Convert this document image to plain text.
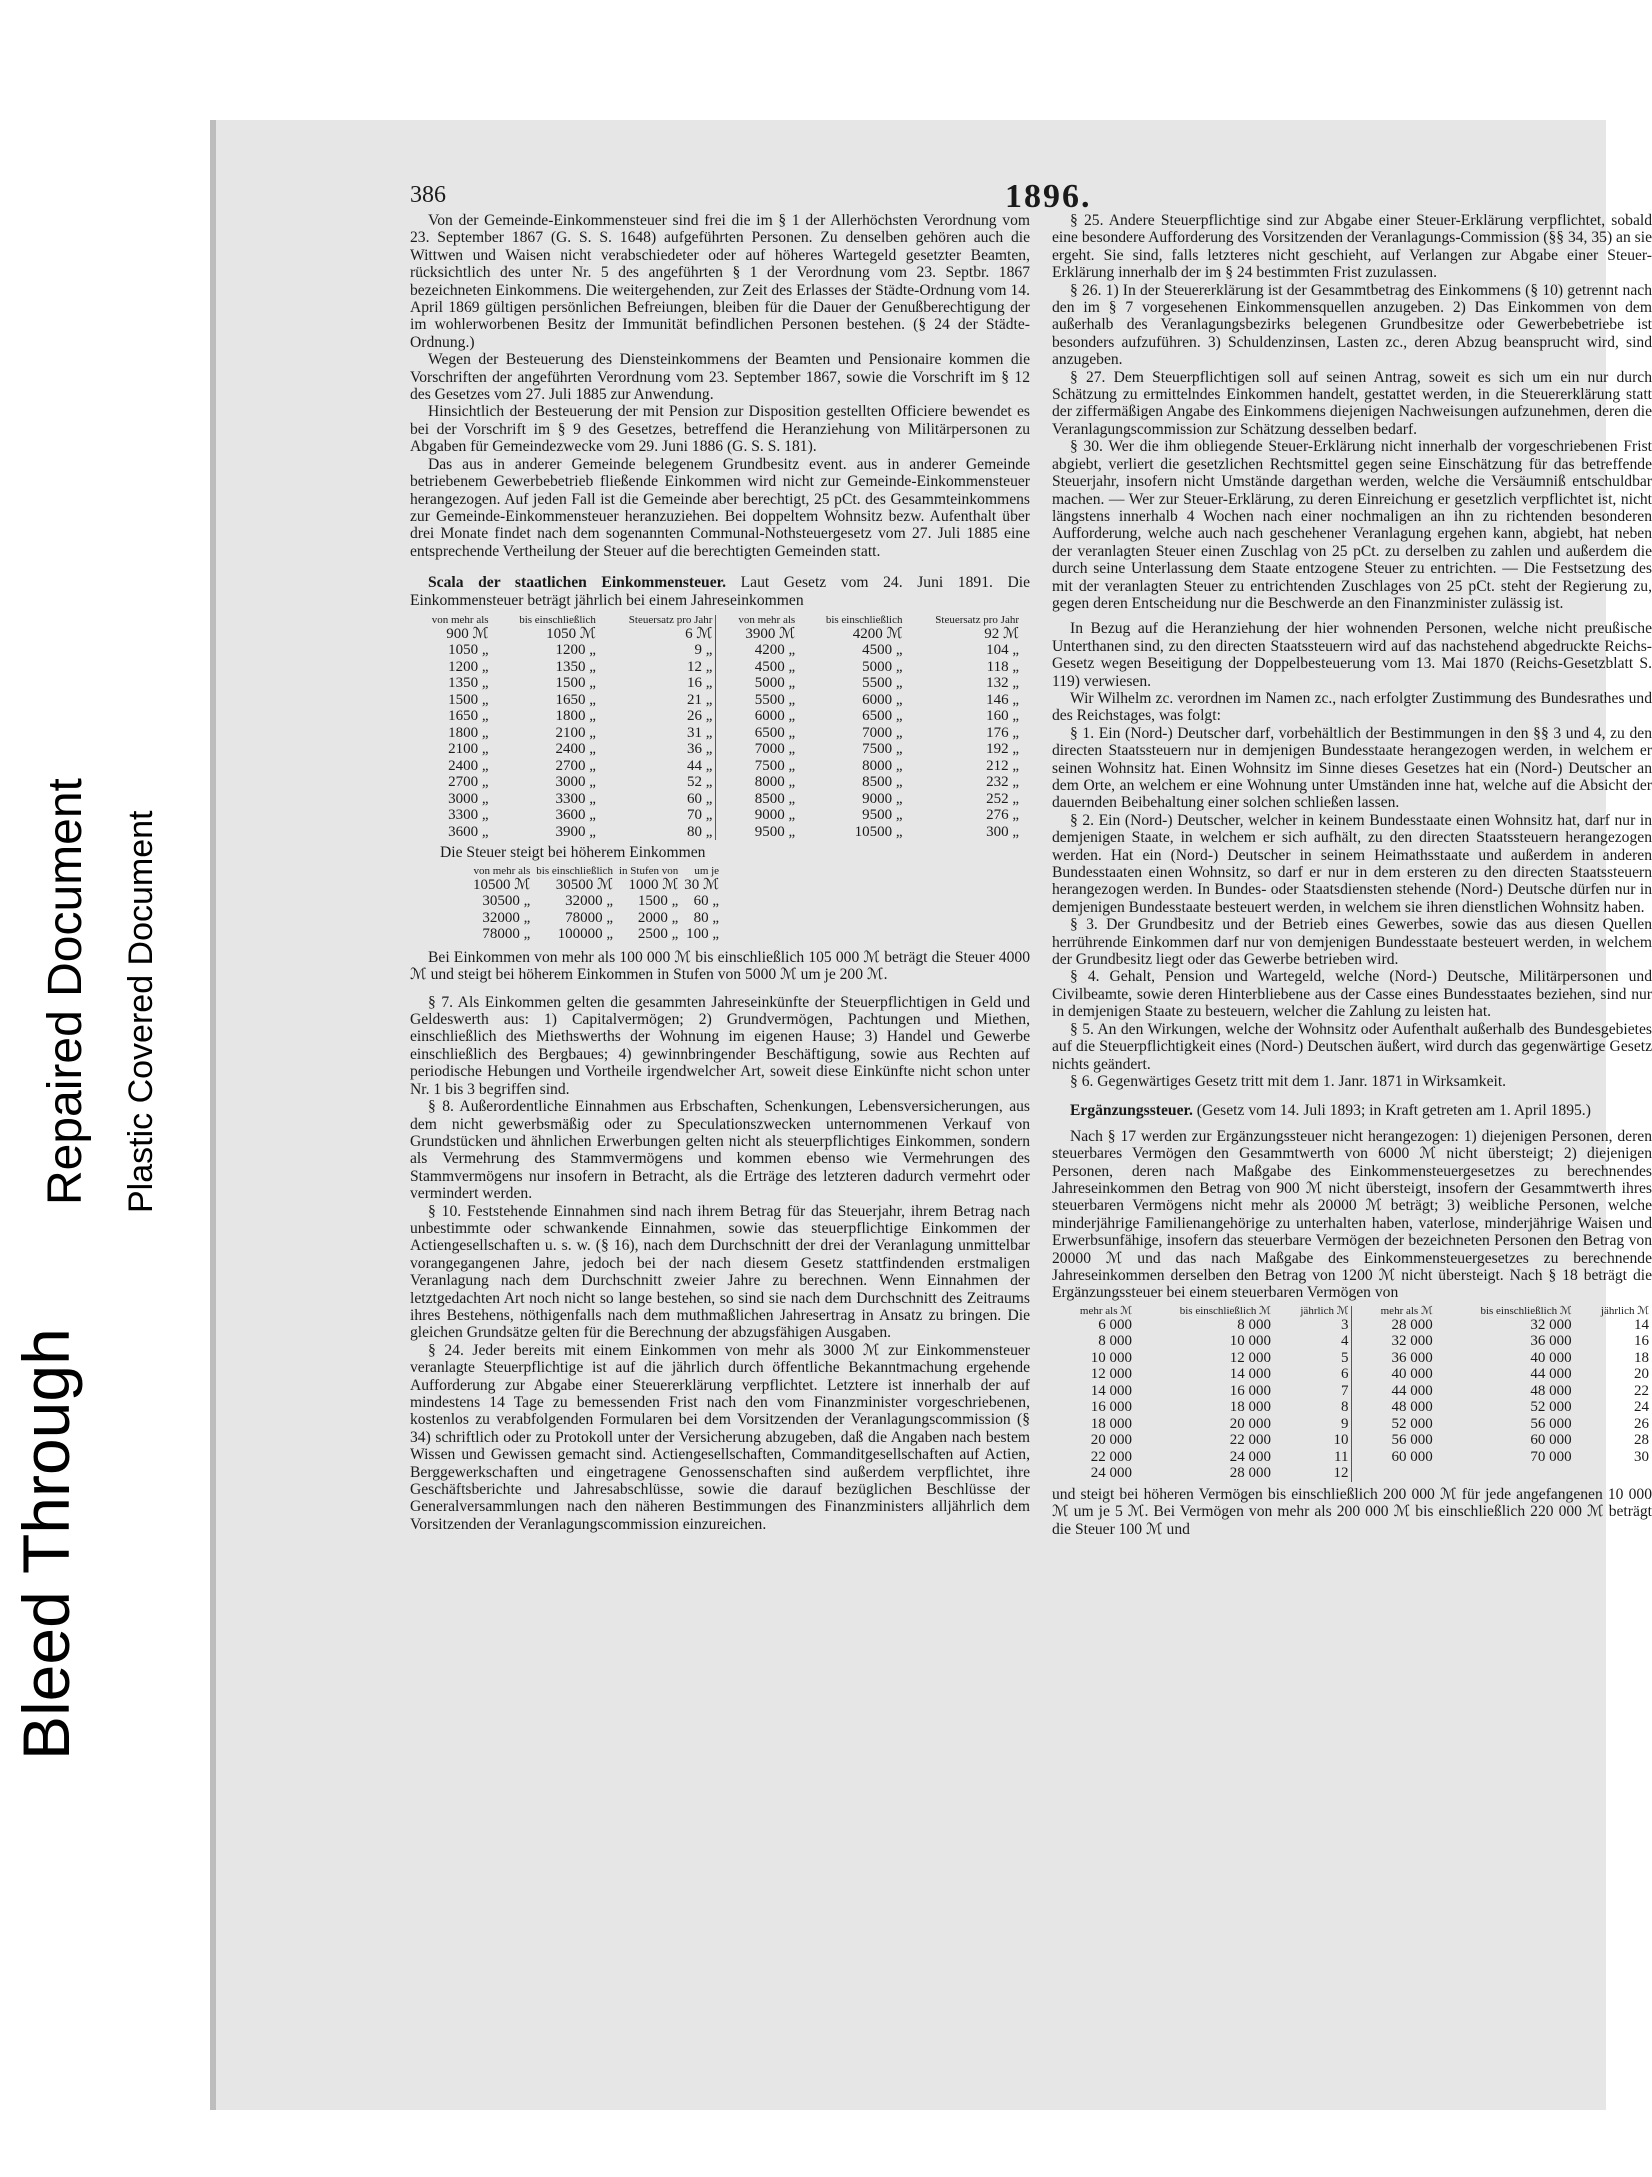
Bleed Through
Repaired Document Plastic Covered Document
386	1896.

Von der Gemeinde-Einkommensteuer sind frei die im § 1 der Allerhöchsten Verordnung vom 23. September 1867 (G. S. S. 1648) aufgeführten Personen. Zu denselben gehören auch die Wittwen und Waisen nicht verabschiedeter oder auf höheres Wartegeld gesetzter Beamten, rücksichtlich des unter Nr. 5 des angeführten § 1 der Verordnung vom 23. Septbr. 1867 bezeichneten Einkommens. Die weitergehenden, zur Zeit des Erlasses der Städte-Ordnung vom 14. April 1869 gültigen persönlichen Befreiungen, bleiben für die Dauer der Genußberechtigung der im wohlerworbenen Besitz der Immunität befindlichen Personen bestehen. (§ 24 der Städte-Ordnung.)

Wegen der Besteuerung des Diensteinkommens der Beamten und Pensionaire kommen die Vorschriften der angeführten Verordnung vom 23. September 1867, sowie die Vorschrift im § 12 des Gesetzes vom 27. Juli 1885 zur Anwendung.

Hinsichtlich der Besteuerung der mit Pension zur Disposition gestellten Officiere bewendet es bei der Vorschrift im § 9 des Gesetzes, betreffend die Heranziehung von Militärpersonen zu Abgaben für Gemeindezwecke vom 29. Juni 1886 (G. S. S. 181).

Das aus in anderer Gemeinde belegenem Grundbesitz event. aus in anderer Gemeinde betriebenem Gewerbebetrieb fließende Einkommen wird nicht zur Gemeinde-Einkommensteuer herangezogen. Auf jeden Fall ist die Gemeinde aber berechtigt, 25 pCt. des Gesammteinkommens zur Gemeinde-Einkommensteuer heranzuziehen. Bei doppeltem Wohnsitz bezw. Aufenthalt über drei Monate findet nach dem sogenannten Communal-Nothsteuergesetz vom 27. Juli 1885 eine entsprechende Vertheilung der Steuer auf die berechtigten Gemeinden statt.

Scala der staatlichen Einkommensteuer. Laut Gesetz vom 24. Juni 1891. Die Einkommensteuer beträgt jährlich bei einem Jahreseinkommen

von mehr als	bis einschließlich	Steuersatz pro Jahr	von mehr als	bis einschließlich	Steuersatz pro Jahr
900 ℳ	1050 ℳ	6 ℳ	3900 ℳ	4200 ℳ	92 ℳ
1050 „	1200 „	9 „	4200 „	4500 „	104 „
1200 „	1350 „	12 „	4500 „	5000 „	118 „
1350 „	1500 „	16 „	5000 „	5500 „	132 „
1500 „	1650 „	21 „	5500 „	6000 „	146 „
1650 „	1800 „	26 „	6000 „	6500 „	160 „
1800 „	2100 „	31 „	6500 „	7000 „	176 „
2100 „	2400 „	36 „	7000 „	7500 „	192 „
2400 „	2700 „	44 „	7500 „	8000 „	212 „
2700 „	3000 „	52 „	8000 „	8500 „	232 „
3000 „	3300 „	60 „	8500 „	9000 „	252 „
3300 „	3600 „	70 „	9000 „	9500 „	276 „
3600 „	3900 „	80 „	9500 „	10500 „	300 „

Die Steuer steigt bei höherem Einkommen

von mehr als	bis einschließlich	in Stufen von	um je
10500 ℳ	30500 ℳ	1000 ℳ	30 ℳ
30500 „	32000 „	1500 „	60 „
32000 „	78000 „	2000 „	80 „
78000 „	100000 „	2500 „	100 „

Bei Einkommen von mehr als 100 000 ℳ bis einschließlich 105 000 ℳ beträgt die Steuer 4000 ℳ und steigt bei höherem Einkommen in Stufen von 5000 ℳ um je 200 ℳ.

§ 7. Als Einkommen gelten die gesammten Jahreseinkünfte der Steuerpflichtigen in Geld und Geldeswerth aus: 1) Capitalvermögen; 2) Grundvermögen, Pachtungen und Miethen, einschließlich des Miethswerths der Wohnung im eigenen Hause; 3) Handel und Gewerbe einschließlich des Bergbaues; 4) gewinnbringender Beschäftigung, sowie aus Rechten auf periodische Hebungen und Vortheile irgendwelcher Art, soweit diese Einkünfte nicht schon unter Nr. 1 bis 3 begriffen sind.

§ 8. Außerordentliche Einnahmen aus Erbschaften, Schenkungen, Lebensversicherungen, aus dem nicht gewerbsmäßig oder zu Speculationszwecken unternommenen Verkauf von Grundstücken und ähnlichen Erwerbungen gelten nicht als steuerpflichtiges Einkommen, sondern als Vermehrung des Stammvermögens und kommen ebenso wie Vermehrungen des Stammvermögens nur insofern in Betracht, als die Erträge des letzteren dadurch vermehrt oder vermindert werden.

§ 10. Feststehende Einnahmen sind nach ihrem Betrag für das Steuerjahr, ihrem Betrag nach unbestimmte oder schwankende Einnahmen, sowie das steuerpflichtige Einkommen der Actiengesellschaften u. s. w. (§ 16), nach dem Durchschnitt der drei der Veranlagung unmittelbar vorangegangenen Jahre, jedoch bei der nach diesem Gesetz stattfindenden erstmaligen Veranlagung nach dem Durchschnitt zweier Jahre zu berechnen. Wenn Einnahmen der letztgedachten Art noch nicht so lange bestehen, so sind sie nach dem Durchschnitt des Zeitraums ihres Bestehens, nöthigenfalls nach dem muthmaßlichen Jahresertrag in Ansatz zu bringen. Die gleichen Grundsätze gelten für die Berechnung der abzugsfähigen Ausgaben.

§ 24. Jeder bereits mit einem Einkommen von mehr als 3000 ℳ zur Einkommensteuer veranlagte Steuerpflichtige ist auf die jährlich durch öffentliche Bekanntmachung ergehende Aufforderung zur Abgabe einer Steuererklärung verpflichtet. Letztere ist innerhalb der auf mindestens 14 Tage zu bemessenden Frist nach den vom Finanzminister vorgeschriebenen, kostenlos zu verabfolgenden Formularen bei dem Vorsitzenden der Veranlagungscommission (§ 34) schriftlich oder zu Protokoll unter der Versicherung abzugeben, daß die Angaben nach bestem Wissen und Gewissen gemacht sind. Actiengesellschaften, Commanditgesellschaften auf Actien, Berggewerkschaften und eingetragene Genossenschaften sind außerdem verpflichtet, ihre Geschäftsberichte und Jahresabschlüsse, sowie die darauf bezüglichen Beschlüsse der Generalversammlungen nach den näheren Bestimmungen des Finanzministers alljährlich dem Vorsitzenden der Veranlagungscommission einzureichen.

§ 25. Andere Steuerpflichtige sind zur Abgabe einer Steuer-Erklärung verpflichtet, sobald eine besondere Aufforderung des Vorsitzenden der Veranlagungs-Commission (§§ 34, 35) an sie ergeht. Sie sind, falls letzteres nicht geschieht, auf Verlangen zur Abgabe einer Steuer-Erklärung innerhalb der im § 24 bestimmten Frist zuzulassen.

§ 26. 1) In der Steuererklärung ist der Gesammtbetrag des Einkommens (§ 10) getrennt nach den im § 7 vorgesehenen Einkommensquellen anzugeben. 2) Das Einkommen von dem außerhalb des Veranlagungsbezirks belegenen Grundbesitze oder Gewerbebetriebe ist besonders aufzuführen. 3) Schuldenzinsen, Lasten zc., deren Abzug beansprucht wird, sind anzugeben.

§ 27. Dem Steuerpflichtigen soll auf seinen Antrag, soweit es sich um ein nur durch Schätzung zu ermittelndes Einkommen handelt, gestattet werden, in die Steuererklärung statt der ziffermäßigen Angabe des Einkommens diejenigen Nachweisungen aufzunehmen, deren die Veranlagungscommission zur Schätzung desselben bedarf.

§ 30. Wer die ihm obliegende Steuer-Erklärung nicht innerhalb der vorgeschriebenen Frist abgiebt, verliert die gesetzlichen Rechtsmittel gegen seine Einschätzung für das betreffende Steuerjahr, insofern nicht Umstände dargethan werden, welche die Versäumniß entschuldbar machen. — Wer zur Steuer-Erklärung, zu deren Einreichung er gesetzlich verpflichtet ist, nicht längstens innerhalb 4 Wochen nach einer nochmaligen an ihn zu richtenden besonderen Aufforderung, welche auch nach geschehener Veranlagung ergehen kann, abgiebt, hat neben der veranlagten Steuer einen Zuschlag von 25 pCt. zu derselben zu zahlen und außerdem die durch seine Unterlassung dem Staate entzogene Steuer zu entrichten. — Die Festsetzung des mit der veranlagten Steuer zu entrichtenden Zuschlages von 25 pCt. steht der Regierung zu, gegen deren Entscheidung nur die Beschwerde an den Finanzminister zulässig ist.

In Bezug auf die Heranziehung der hier wohnenden Personen, welche nicht preußische Unterthanen sind, zu den directen Staatssteuern wird auf das nachstehend abgedruckte Reichs-Gesetz wegen Beseitigung der Doppelbesteuerung vom 13. Mai 1870 (Reichs-Gesetzblatt S. 119) verwiesen.

Wir Wilhelm zc. verordnen im Namen zc., nach erfolgter Zustimmung des Bundesrathes und des Reichstages, was folgt:

§ 1. Ein (Nord-) Deutscher darf, vorbehältlich der Bestimmungen in den §§ 3 und 4, zu den directen Staatssteuern nur in demjenigen Bundesstaate herangezogen werden, in welchem er seinen Wohnsitz hat. Einen Wohnsitz im Sinne dieses Gesetzes hat ein (Nord-) Deutscher an dem Orte, an welchem er eine Wohnung unter Umständen inne hat, welche auf die Absicht der dauernden Beibehaltung einer solchen schließen lassen.

§ 2. Ein (Nord-) Deutscher, welcher in keinem Bundesstaate einen Wohnsitz hat, darf nur in demjenigen Staate, in welchem er sich aufhält, zu den directen Staatssteuern herangezogen werden. Hat ein (Nord-) Deutscher in seinem Heimathsstaate und außerdem in anderen Bundesstaaten einen Wohnsitz, so darf er nur in dem ersteren zu den directen Staatssteuern herangezogen werden. In Bundes- oder Staatsdiensten stehende (Nord-) Deutsche dürfen nur in demjenigen Bundesstaate besteuert werden, in welchem sie ihren dienstlichen Wohnsitz haben.

§ 3. Der Grundbesitz und der Betrieb eines Gewerbes, sowie das aus diesen Quellen herrührende Einkommen darf nur von demjenigen Bundesstaate besteuert werden, in welchem der Grundbesitz liegt oder das Gewerbe betrieben wird.

§ 4. Gehalt, Pension und Wartegeld, welche (Nord-) Deutsche, Militärpersonen und Civilbeamte, sowie deren Hinterbliebene aus der Casse eines Bundesstaates beziehen, sind nur in demjenigen Staate zu besteuern, welcher die Zahlung zu leisten hat.

§ 5. An den Wirkungen, welche der Wohnsitz oder Aufenthalt außerhalb des Bundesgebietes auf die Steuerpflichtigkeit eines (Nord-) Deutschen äußert, wird durch das gegenwärtige Gesetz nichts geändert.

§ 6. Gegenwärtiges Gesetz tritt mit dem 1. Janr. 1871 in Wirksamkeit.

Ergänzungssteuer. (Gesetz vom 14. Juli 1893; in Kraft getreten am 1. April 1895.)

Nach § 17 werden zur Ergänzungssteuer nicht herangezogen: 1) diejenigen Personen, deren steuerbares Vermögen den Gesammtwerth von 6000 ℳ nicht übersteigt; 2) diejenigen Personen, deren nach Maßgabe des Einkommensteuergesetzes zu berechnendes Jahreseinkommen den Betrag von 900 ℳ nicht übersteigt, insofern der Gesammtwerth ihres steuerbaren Vermögens nicht mehr als 20000 ℳ beträgt; 3) weibliche Personen, welche minderjährige Familienangehörige zu unterhalten haben, vaterlose, minderjährige Waisen und Erwerbsunfähige, insofern das steuerbare Vermögen der bezeichneten Personen den Betrag von 20000 ℳ und das nach Maßgabe des Einkommensteuergesetzes zu berechnende Jahreseinkommen derselben den Betrag von 1200 ℳ nicht übersteigt. Nach § 18 beträgt die Ergänzungssteuer bei einem steuerbaren Vermögen von

mehr als ℳ	bis einschließlich ℳ	jährlich ℳ	mehr als ℳ	bis einschließlich ℳ	jährlich ℳ
6 000	8 000	3	28 000	32 000	14
8 000	10 000	4	32 000	36 000	16
10 000	12 000	5	36 000	40 000	18
12 000	14 000	6	40 000	44 000	20
14 000	16 000	7	44 000	48 000	22
16 000	18 000	8	48 000	52 000	24
18 000	20 000	9	52 000	56 000	26
20 000	22 000	10	56 000	60 000	28
22 000	24 000	11	60 000	70 000	30
24 000	28 000	12			

und steigt bei höheren Vermögen bis einschließlich 200 000 ℳ für jede angefangenen 10 000 ℳ um je 5 ℳ. Bei Vermögen von mehr als 200 000 ℳ bis einschließlich 220 000 ℳ beträgt die Steuer 100 ℳ und
